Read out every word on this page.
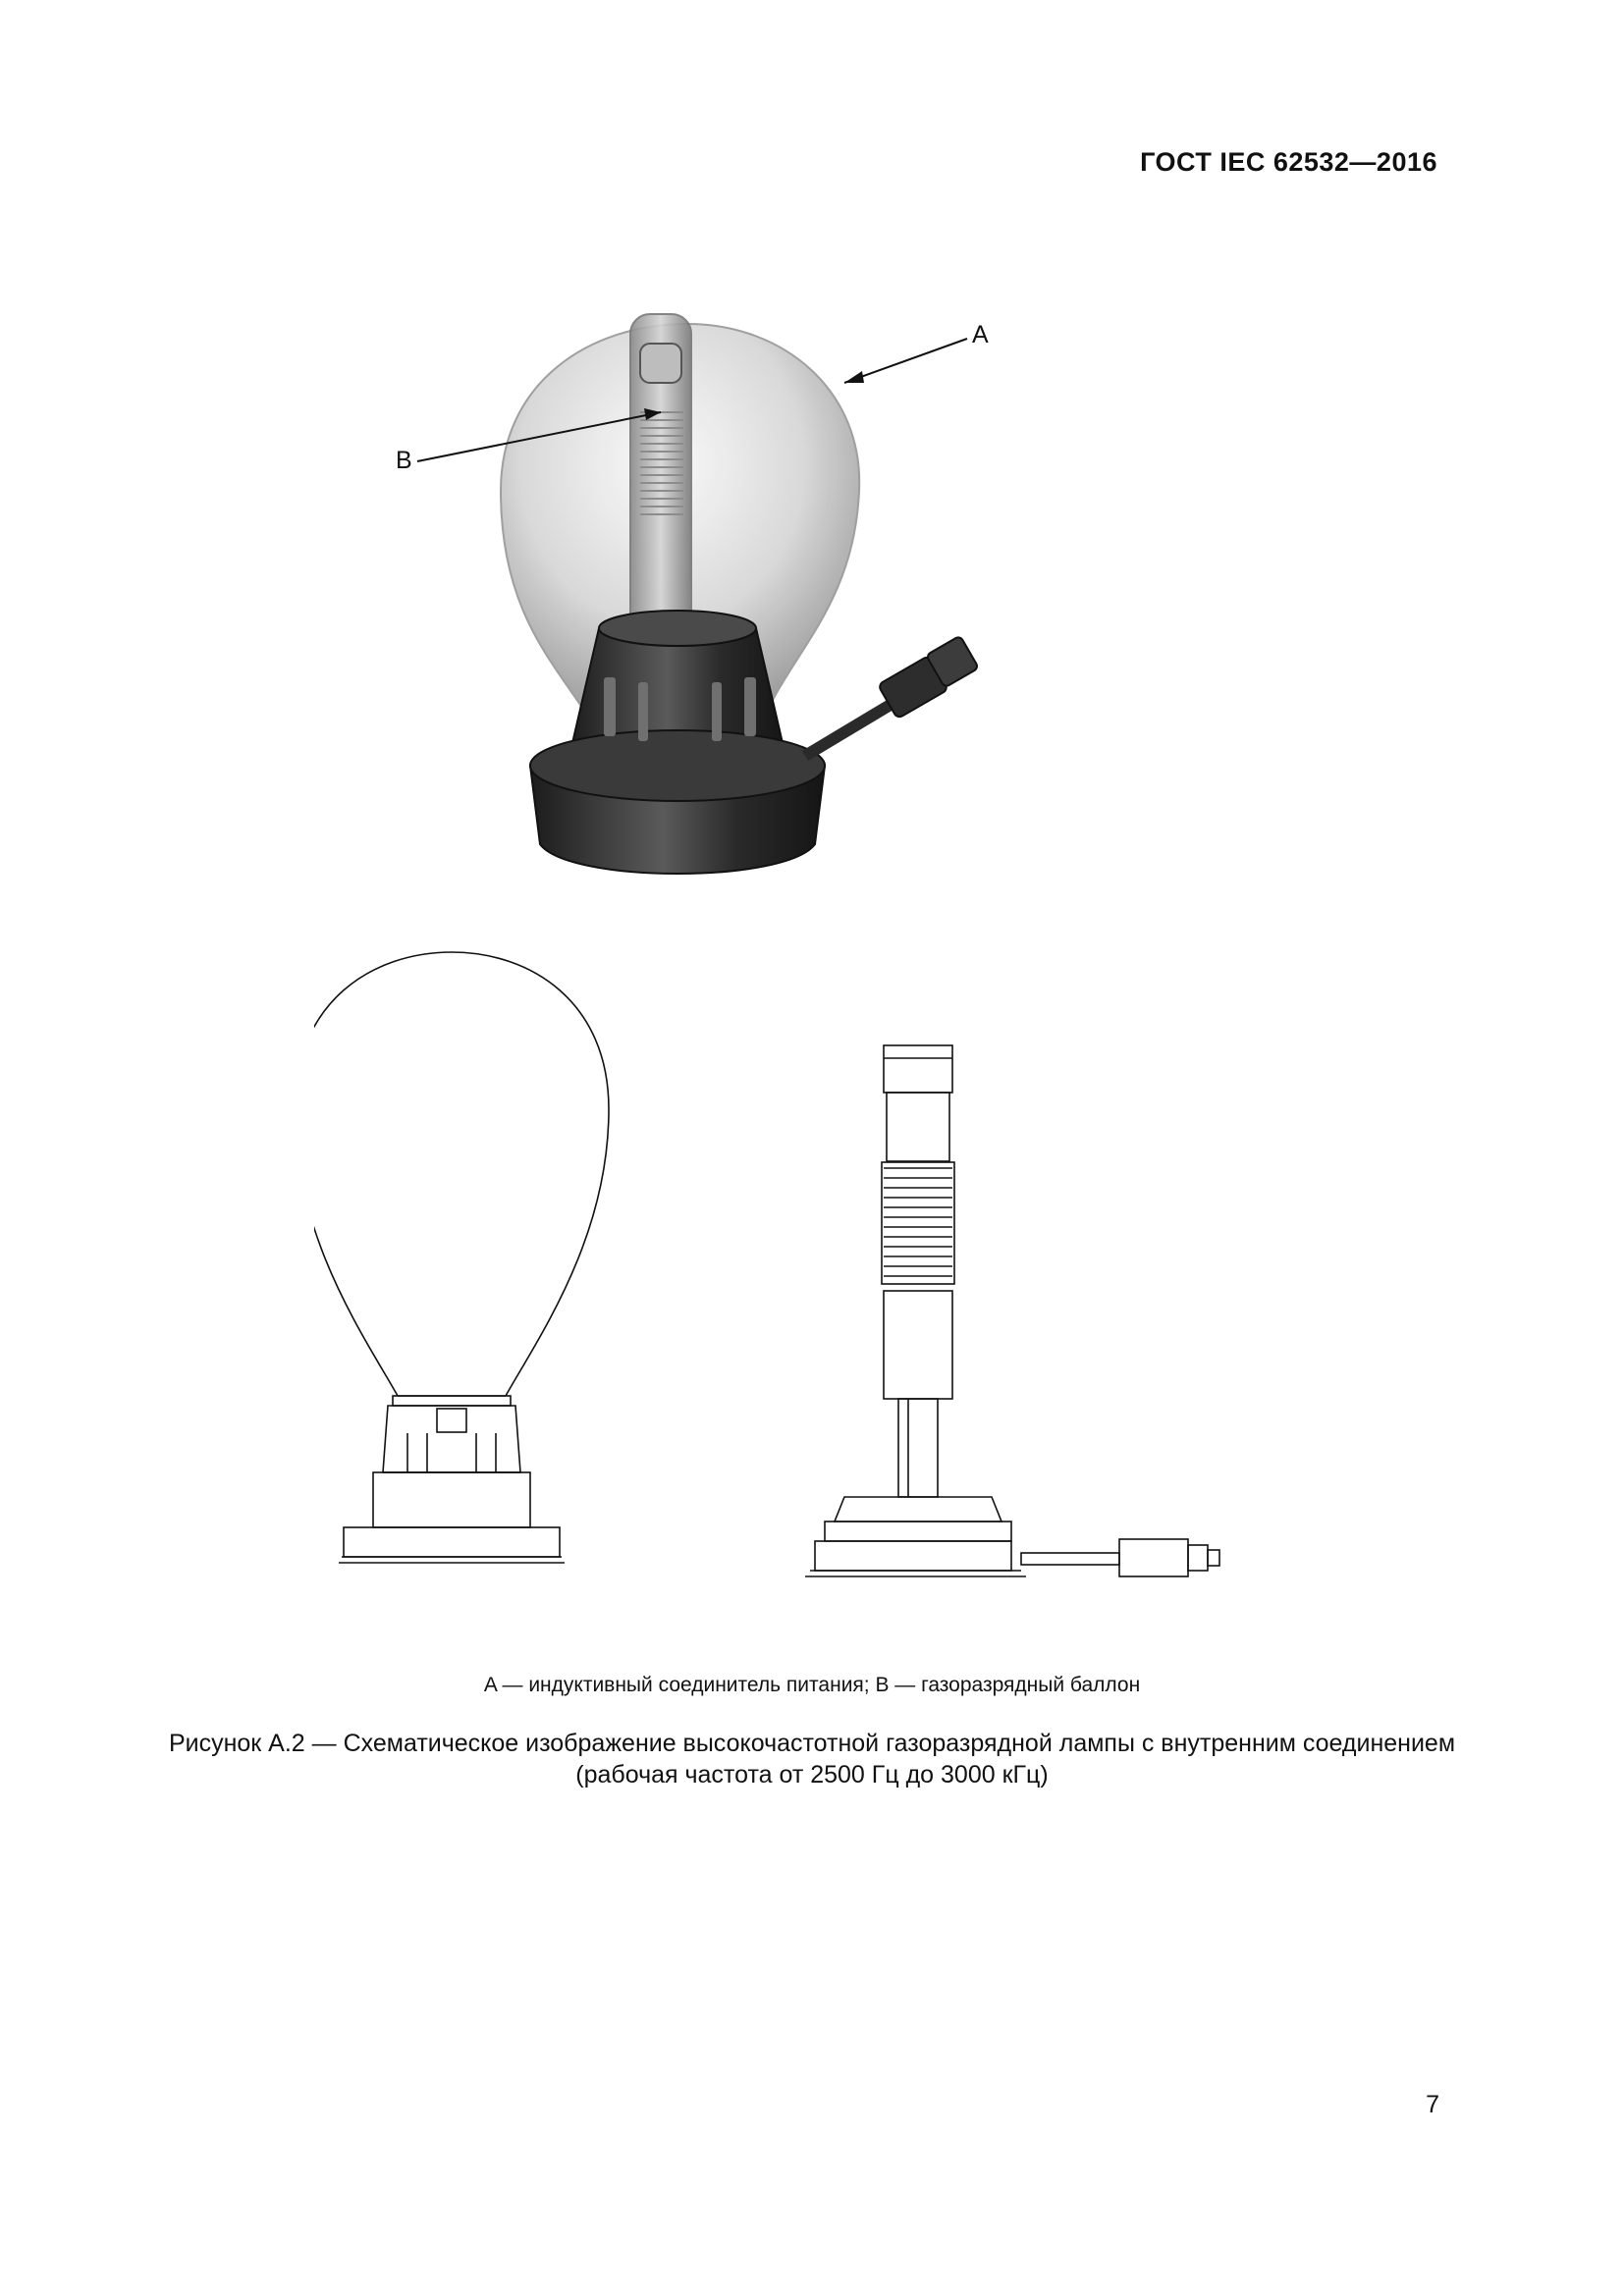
ГОСТ IEC 62532—2016
A
B
A — индуктивный соединитель питания; B — газоразрядный баллон
Рисунок А.2 — Схематическое изображение высокочастотной газоразрядной лампы с внутренним соединением
(рабочая частота от 2500 Гц до 3000 кГц)
7
